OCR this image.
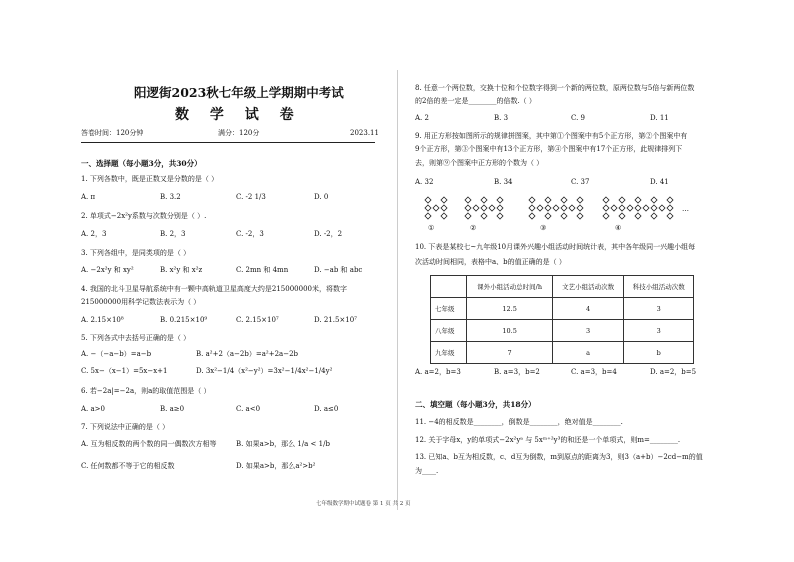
阳逻街2023秋七年级上学期期中考试
数 学 试 卷
答卷时间：120分钟	满分：120分	2023.11
一、选择题（每小题3分，共30分）
1. 下列各数中，既是正数又是分数的是（ ）
A. π	B. 3.2	C. -2 1/3	D. 0
2. 单项式−2x²y系数与次数分别是（ ）.
A. 2，3	B. 2，3	C. -2，3	D. -2，2
3. 下列各组中，是同类项的是（ ）
A. −2x²y 和 xy²	B. x²y 和 x²z	C. 2mn 和 4mn	D. −ab 和 abc
4. 我国的北斗卫星导航系统中有一颗中高轨道卫星高度大约是215000000米，将数字
215000000用科学记数法表示为（ ）
A. 2.15×10⁸	B. 0.215×10⁹	C. 2.15×10⁷	D. 21.5×10⁷
5. 下列各式中去括号正确的是（ ）
A. −（−a−b）=a−b	B. a²+2（a−2b）=a²+2a−2b
C. 5x−（x−1）=5x−x+1	D. 3x²−1/4（x²−y²）=3x²−1/4x²−1/4y²
6. 若−2a|=−2a，则a的取值范围是（ ）
A. a>0	B. a≥0	C. a<0	D. a≤0
7. 下列说法中正确的是（ ）
A. 互为相反数的两个数的同一偶数次方相等	B. 如果a>b，那么 1/a < 1/b
C. 任何数都不等于它的相反数	D. 如果a>b，那么a²>b²
8. 任意一个两位数，交换十位和个位数字得到一个新的两位数，原两位数与5倍与新两位数
的2倍的差一定是________的倍数.（ ）
A. 2	B. 3	C. 9	D. 11
9. 用正方形按如图所示的规律拼图案，其中第①个图案中有5个正方形，第②个图案中有
9个正方形，第③个图案中有13个正方形，第④个图案中有17个正方形，此规律排列下
去，则第⑨个图案中正方形的个数为（ ）
A. 32	B. 34	C. 37	D. 41
…
①	②	③	④
10. 下表是某校七~九年级10月课外兴趣小组活动时间统计表，其中各年级同一兴趣小组每
次活动时间相同，表格中a、b的值正确的是（ ）
	课外小组活动总时间/h	文艺小组活动次数	科技小组活动次数
七年级	12.5	4	3
八年级	10.5	3	3
九年级	7	a	b
A. a=2，b=3	B. a=3，b=2	C. a=3，b=4	D. a=2，b=5
二、填空题（每小题3分，共18分）
11. −4的相反数是________，倒数是________，绝对值是________.
12. 关于字母x，y的单项式−2x²yᵃ 与 5xᵐ⁺²y³的和还是一个单项式，则m=________.
13. 已知a、b互为相反数，c、d互为倒数，m到原点的距离为3，则3（a+b）−2cd−m的值
为____.
七年级数学期中试题卷 第 1 页 共 2 页
